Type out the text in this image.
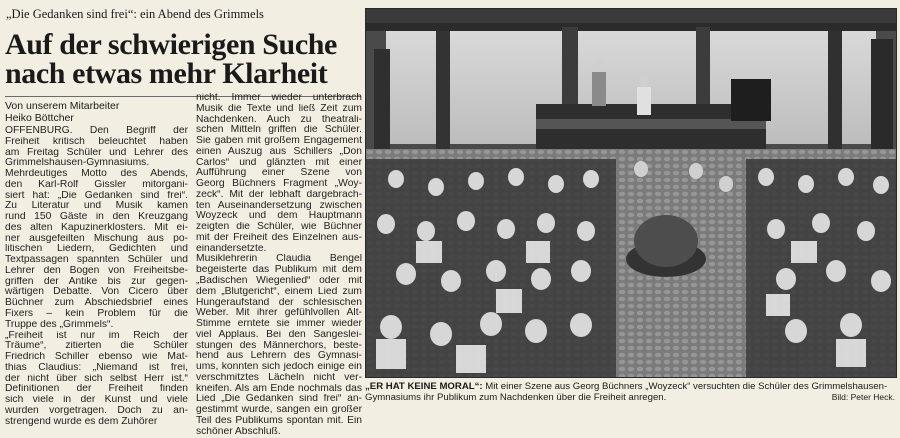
„Die Gedanken sind frei“: ein Abend des Grimmels
Auf der schwierigen Suche
nach etwas mehr Klarheit
Von unserem Mitarbeiter
Heiko Böttcher
OFFENBURG. Den Begriff der
Freiheit kritisch beleuchtet haben
am Freitag Schüler und Lehrer des
Grimmelshausen-Gymnasiums.
Mehrdeutiges Motto des Abends,
den Karl-Rolf Gissler mitorgani-
siert hat: „Die Gedanken sind frei“.
Zu Literatur und Musik kamen
rund 150 Gäste in den Kreuzgang
des alten Kapuzinerklosters. Mit ei-
ner ausgefeilten Mischung aus po-
litischen Liedern, Gedichten und
Textpassagen spannten Schüler und
Lehrer den Bogen von Freiheitsbe-
griffen der Antike bis zur gegen-
wärtigen Debatte. Von Cicero über
Büchner zum Abschiedsbrief eines
Fixers – kein Problem für die
Truppe des „Grimmels“.
„Freiheit ist nur im Reich der
Träume“, zitierten die Schüler
Friedrich Schiller ebenso wie Mat-
thias Claudius: „Niemand ist frei,
der nicht über sich selbst Herr ist.“
Definitionen der Freiheit finden
sich viele in der Kunst und viele
wurden vorgetragen. Doch zu an-
strengend wurde es dem Zuhörer
nicht. Immer wieder unterbrach
Musik die Texte und ließ Zeit zum
Nachdenken. Auch zu theatrali-
schen Mitteln griffen die Schüler.
Sie gaben mit großem Engagement
einen Auszug aus Schillers „Don
Carlos“ und glänzten mit einer
Aufführung einer Szene von
Georg Büchners Fragment „Woy-
zeck“. Mit der lebhaft dargebrach-
ten Auseinandersetzung zwischen
Woyzeck und dem Hauptmann
zeigten die Schüler, wie Büchner
mit der Freiheit des Einzelnen aus-
einandersetzte.
Musiklehrerin Claudia Bengel
begeisterte das Publikum mit dem
„Badischen Wiegenlied“ oder mit
dem „Blutgericht“, einem Lied zum
Hungeraufstand der schlesischen
Weber. Mit ihrer gefühlvollen Alt-
Stimme erntete sie immer wieder
viel Applaus. Bei den Sangeslei-
stungen des Männerchors, beste-
hend aus Lehrern des Gymnasi-
ums, konnten sich jedoch einige ein
verschmitztes Lächeln nicht ver-
kneifen. Als am Ende nochmals das
Lied „Die Gedanken sind frei“ an-
gestimmt wurde, sangen ein großer
Teil des Publikums spontan mit. Ein
schöner Abschluß.
„ER HAT KEINE MORAL“: Mit einer Szene aus Georg Büchners „Woyzeck“ versuchten die Schüler des Grimmelshausen-Gymnasiums ihr Publikum zum Nachdenken über die Freiheit anregen.	Bild: Peter Heck.
